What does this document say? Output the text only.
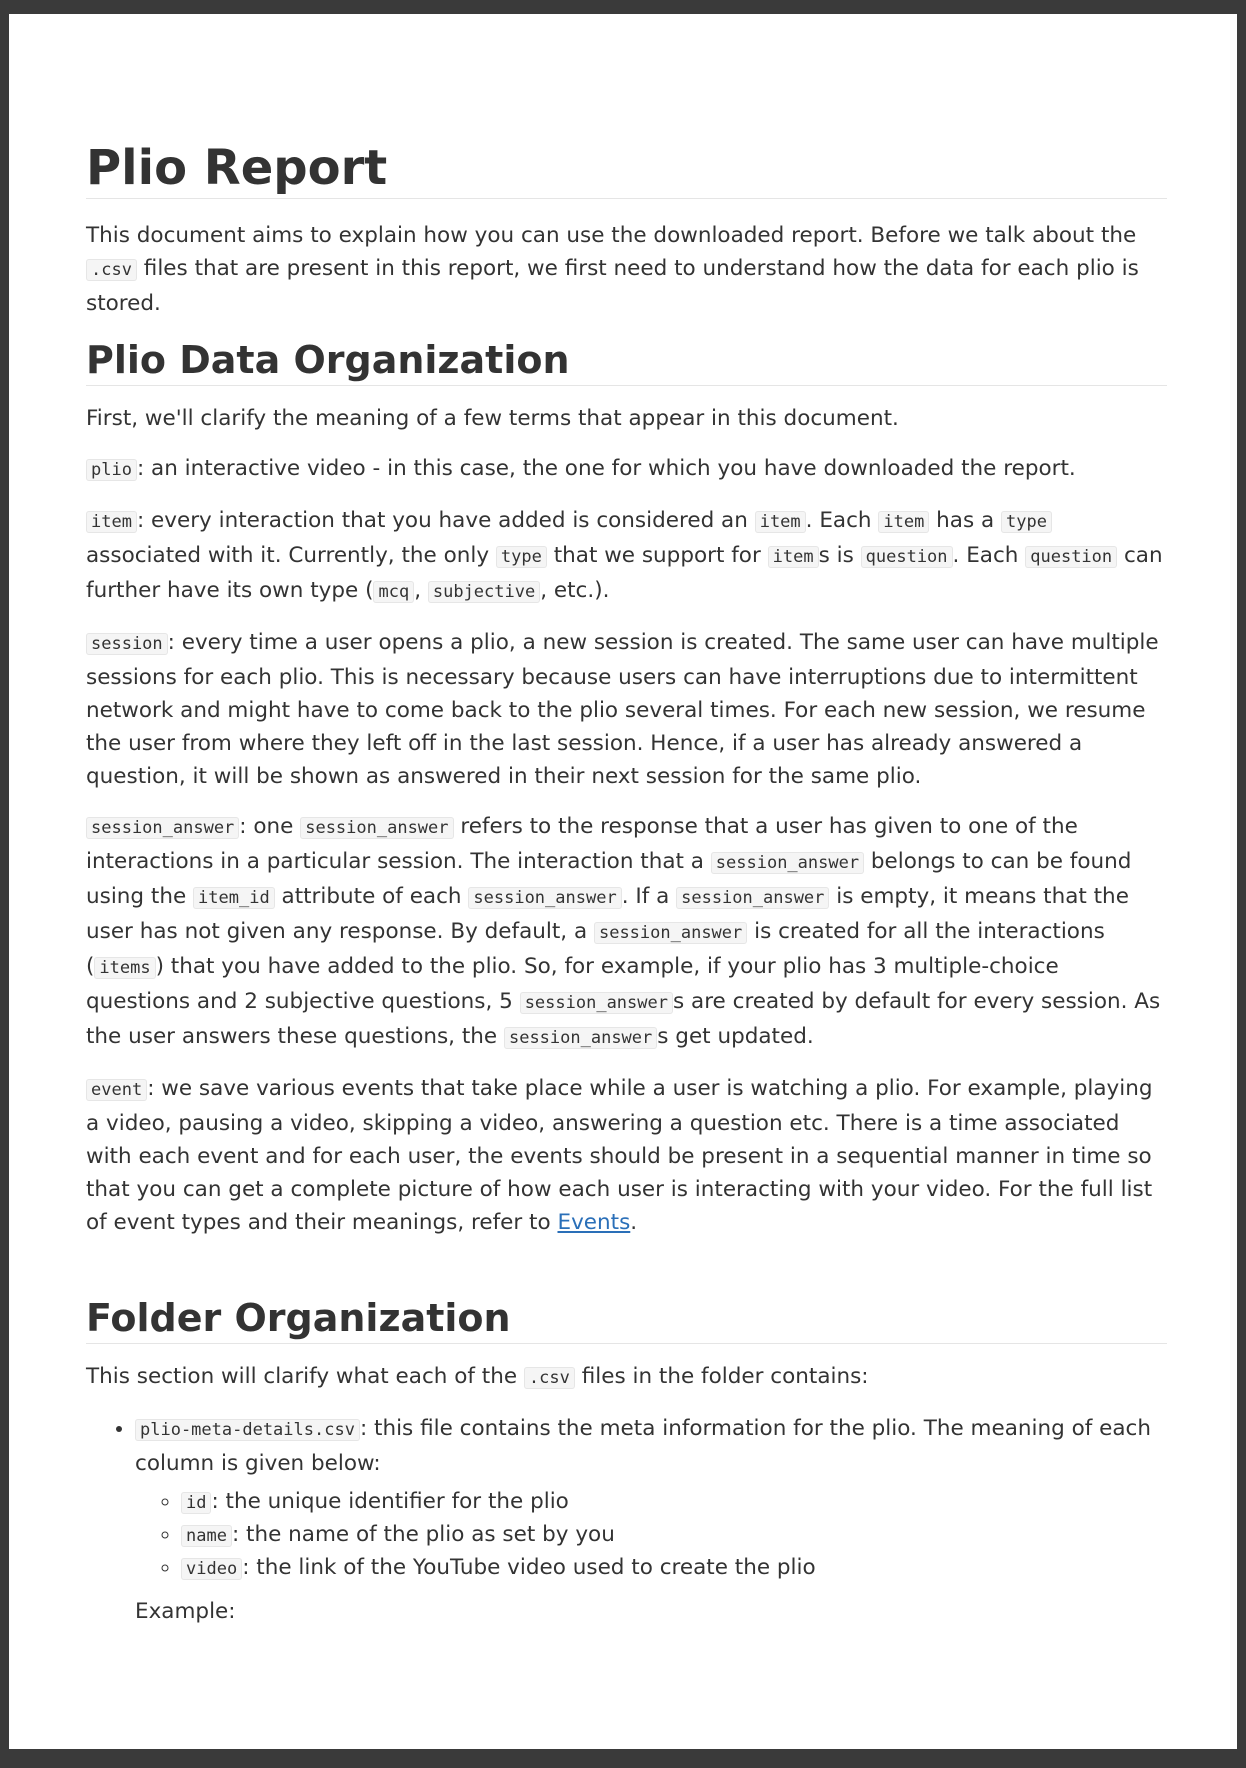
Plio Report

This document aims to explain how you can use the downloaded report. Before we talk about the .csv files that are present in this report, we first need to understand how the data for each plio is stored.

Plio Data Organization

First, we'll clarify the meaning of a few terms that appear in this document.

plio : an interactive video - in this case, the one for which you have downloaded the report.

item : every interaction that you have added is considered an item . Each item has a type associated with it. Currently, the only type that we support for item s is question . Each question can further have its own type ( mcq , subjective , etc.).

session : every time a user opens a plio, a new session is created. The same user can have multiple sessions for each plio. This is necessary because users can have interruptions due to intermittent network and might have to come back to the plio several times. For each new session, we resume the user from where they left off in the last session. Hence, if a user has already answered a question, it will be shown as answered in their next session for the same plio.

session_answer : one session_answer refers to the response that a user has given to one of the interactions in a particular session. The interaction that a session_answer belongs to can be found using the item_id attribute of each session_answer . If a session_answer is empty, it means that the user has not given any response. By default, a session_answer is created for all the interactions ( items ) that you have added to the plio. So, for example, if your plio has 3 multiple-choice questions and 2 subjective questions, 5 session_answer s are created by default for every session. As the user answers these questions, the session_answer s get updated.

event : we save various events that take place while a user is watching a plio. For example, playing a video, pausing a video, skipping a video, answering a question etc. There is a time associated with each event and for each user, the events should be present in a sequential manner in time so that you can get a complete picture of how each user is interacting with your video. For the full list of event types and their meanings, refer to Events.

Folder Organization

This section will clarify what each of the .csv files in the folder contains:

• plio-meta-details.csv : this file contains the meta information for the plio. The meaning of each column is given below:
◦ id : the unique identifier for the plio
◦ name : the name of the plio as set by you
◦ video : the link of the YouTube video used to create the plio

Example:
